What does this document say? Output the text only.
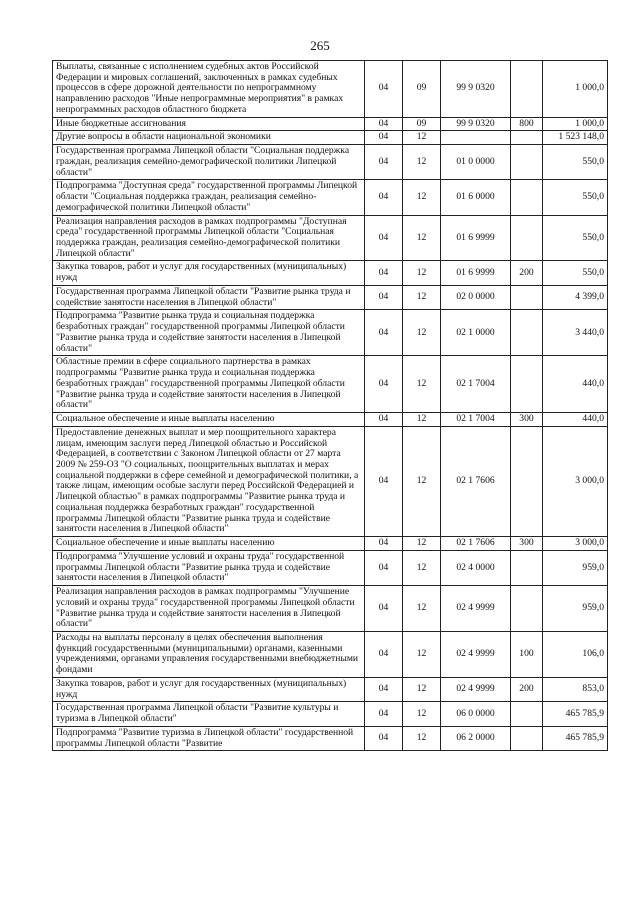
265
Выплаты, связанные с исполнением судебных актов Российской Федерации и мировых соглашений, заключенных в рамках судебных процессов в сфере дорожной деятельности по непрограммному направлению расходов "Иные непрограммные мероприятия" в рамках непрограммных расходов областного бюджета	04	09	99 9 0320		1 000,0
Иные бюджетные ассигнования	04	09	99 9 0320	800	1 000,0
Другие вопросы в области национальной экономики	04	12			1 523 148,0
Государственная программа Липецкой области "Социальная поддержка граждан, реализация семейно-демографической политики Липецкой области"	04	12	01 0 0000		550,0
Подпрограмма "Доступная среда" государственной программы Липецкой области "Социальная поддержка граждан, реализация семейно-демографической политики Липецкой области"	04	12	01 6 0000		550,0
Реализация направления расходов в рамках подпрограммы "Доступная среда" государственной программы Липецкой области "Социальная поддержка граждан, реализация семейно-демографической политики Липецкой области"	04	12	01 6 9999		550,0
Закупка товаров, работ и услуг для государственных (муниципальных) нужд	04	12	01 6 9999	200	550,0
Государственная программа Липецкой области "Развитие рынка труда и содействие занятости населения в Липецкой области"	04	12	02 0 0000		4 399,0
Подпрограмма "Развитие рынка труда и социальная поддержка безработных граждан" государственной программы Липецкой области "Развитие рынка труда и содействие занятости населения в Липецкой области"	04	12	02 1 0000		3 440,0
Областные премии в сфере социального партнерства в рамках подпрограммы "Развитие рынка труда и социальная поддержка безработных граждан" государственной программы Липецкой области "Развитие рынка труда и содействие занятости населения в Липецкой области"	04	12	02 1 7004		440,0
Социальное обеспечение и иные выплаты населению	04	12	02 1 7004	300	440,0
Предоставление денежных выплат и мер поощрительного характера лицам, имеющим заслуги перед Липецкой областью и Российской Федерацией, в соответствии с Законом Липецкой области от 27 марта 2009 № 259-ОЗ "О социальных, поощрительных выплатах и мерах социальной поддержки в сфере семейной и демографической политики, а также лицам, имеющим особые заслуги перед Российской Федерацией и Липецкой областью" в рамках подпрограммы "Развитие рынка труда и социальная поддержка безработных граждан" государственной программы Липецкой области "Развитие рынка труда и содействие занятости населения в Липецкой области"	04	12	02 1 7606		3 000,0
Социальное обеспечение и иные выплаты населению	04	12	02 1 7606	300	3 000,0
Подпрограмма "Улучшение условий и охраны труда" государственной программы Липецкой области "Развитие рынка труда и содействие занятости населения в Липецкой области"	04	12	02 4 0000		959,0
Реализация направления расходов в рамках подпрограммы "Улучшение условий и охраны труда" государственной программы Липецкой области "Развитие рынка труда и содействие занятости населения в Липецкой области"	04	12	02 4 9999		959,0
Расходы на выплаты персоналу в целях обеспечения выполнения функций государственными (муниципальными) органами, казенными учреждениями, органами управления государственными внебюджетными фондами	04	12	02 4 9999	100	106,0
Закупка товаров, работ и услуг для государственных (муниципальных) нужд	04	12	02 4 9999	200	853,0
Государственная программа Липецкой области "Развитие культуры и туризма в Липецкой области"	04	12	06 0 0000		465 785,9
Подпрограмма "Развитие туризма в Липецкой области" государственной программы Липецкой области "Развитие	04	12	06 2 0000		465 785,9
